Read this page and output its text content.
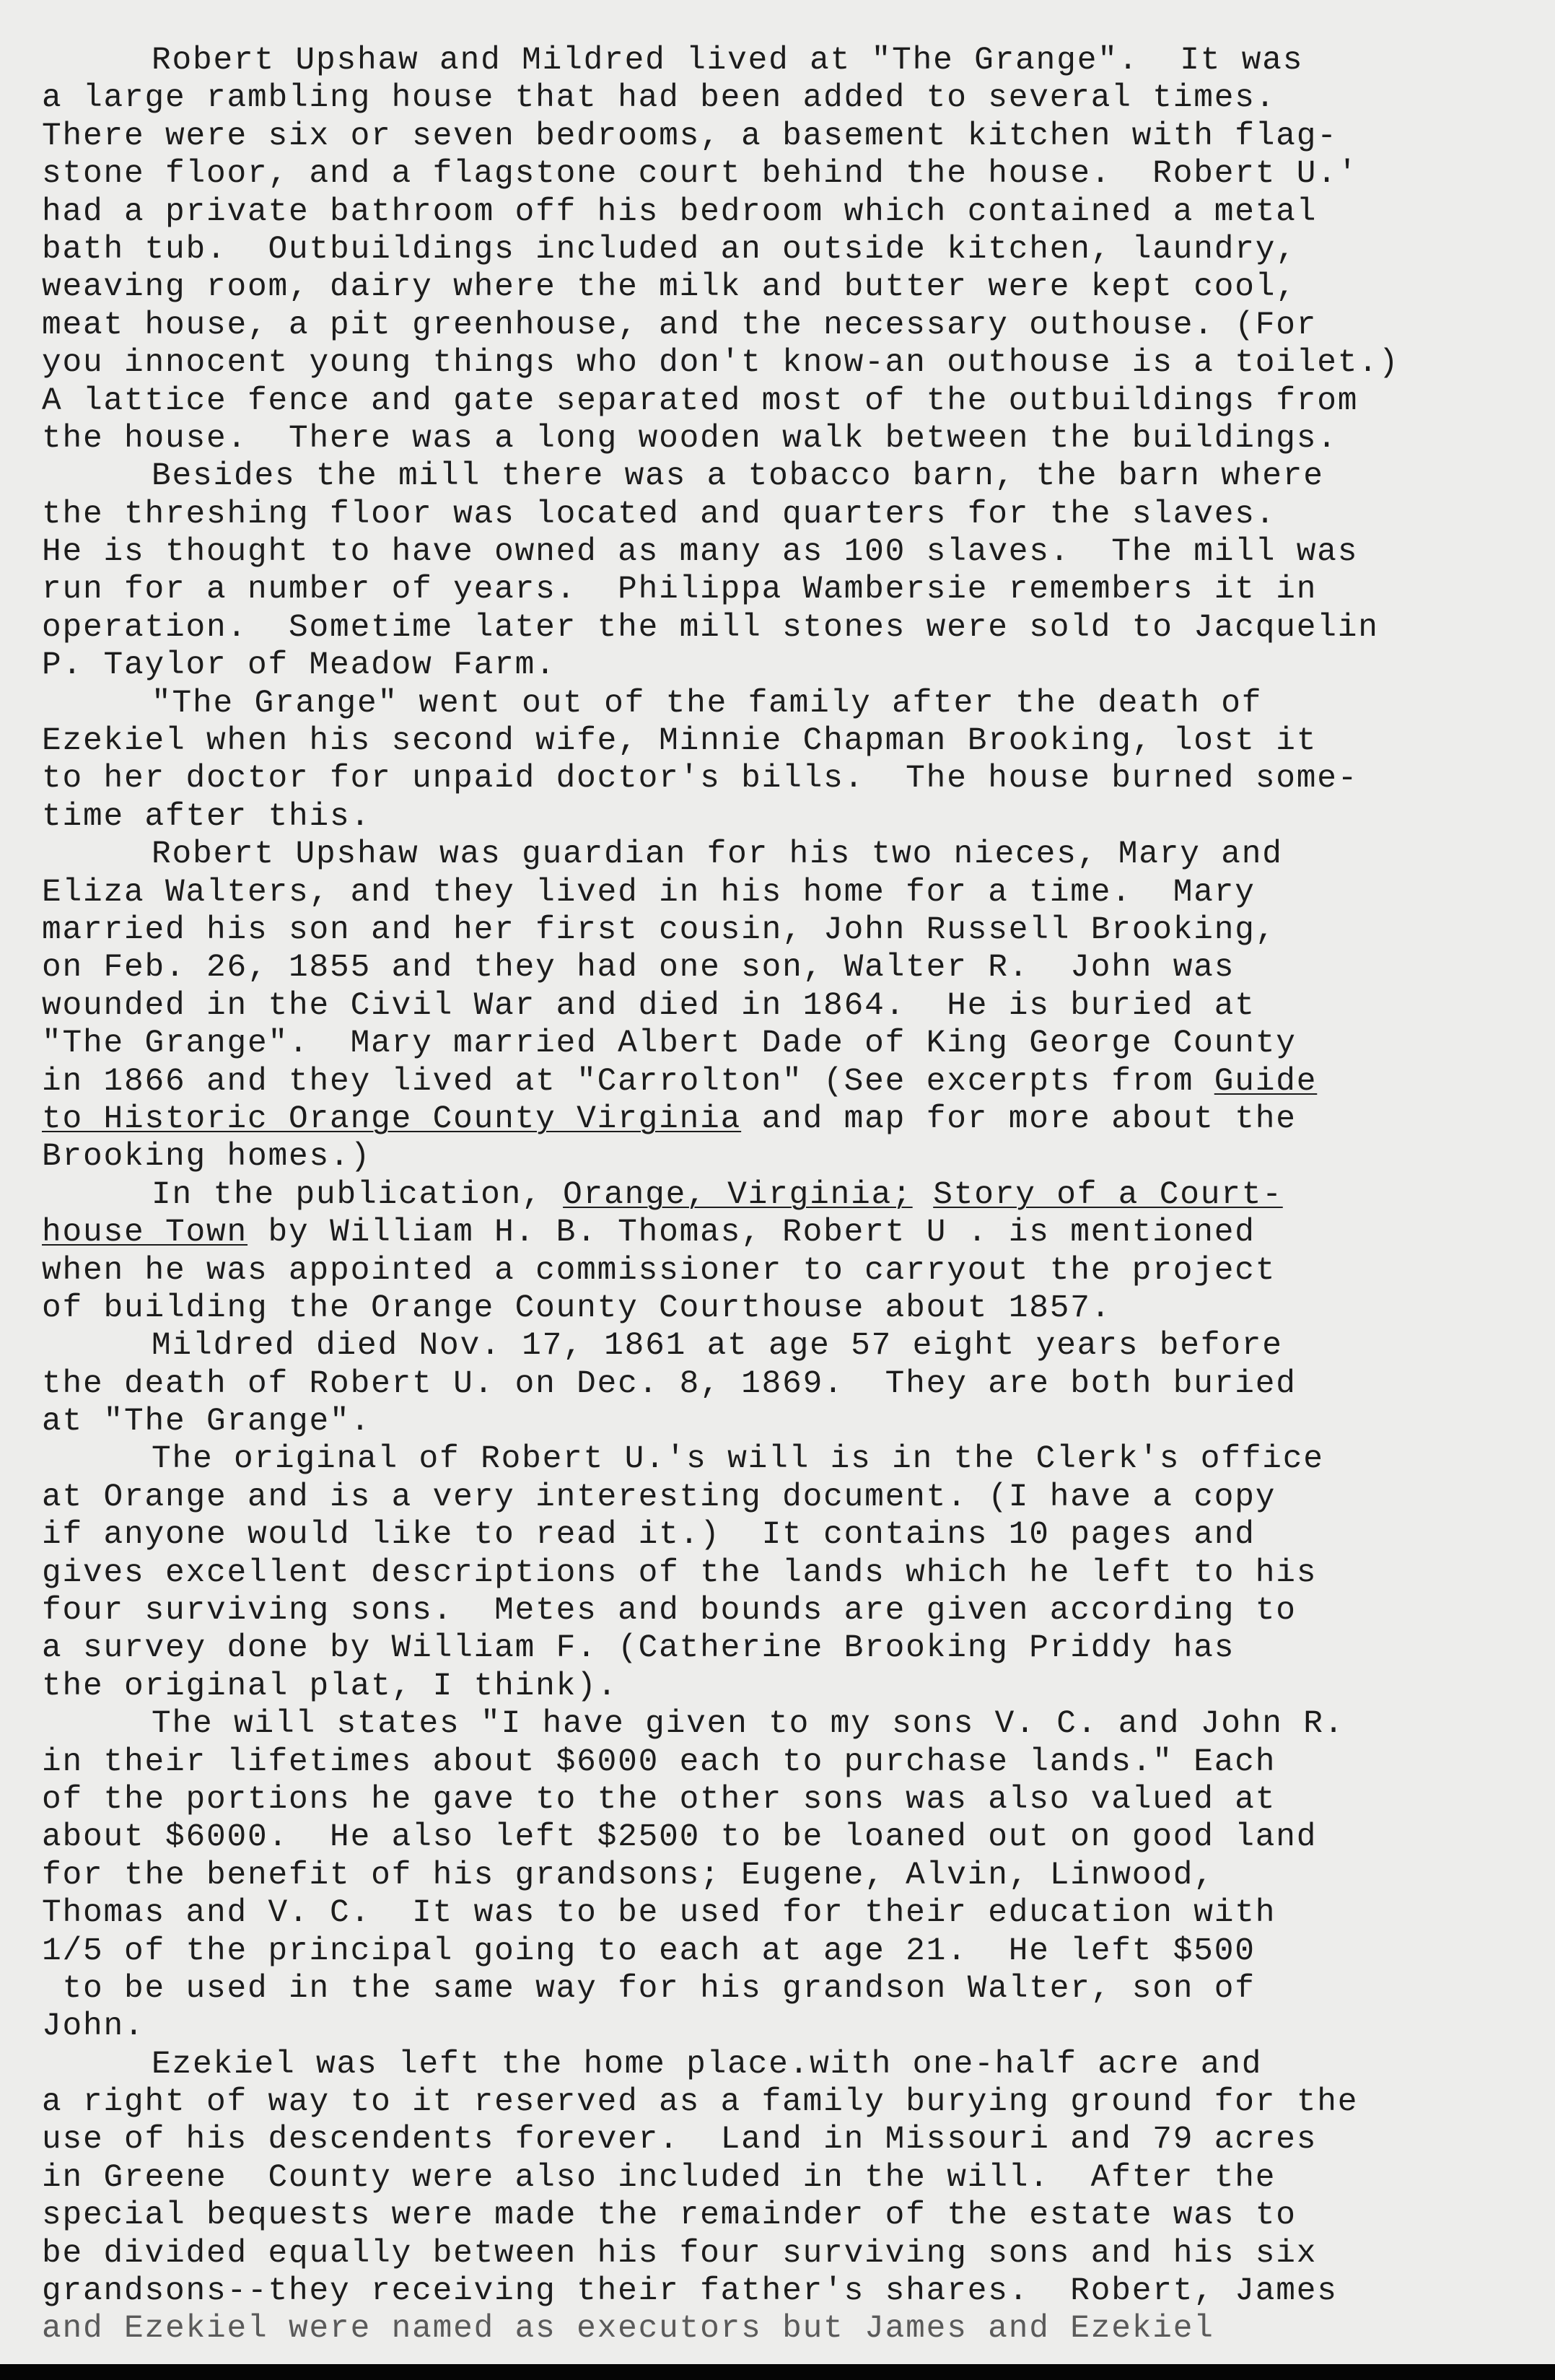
Robert Upshaw and Mildred lived at "The Grange".  It was
a large rambling house that had been added to several times.
There were six or seven bedrooms, a basement kitchen with flag-
stone floor, and a flagstone court behind the house.  Robert U.'
had a private bathroom off his bedroom which contained a metal
bath tub.  Outbuildings included an outside kitchen, laundry,
weaving room, dairy where the milk and butter were kept cool,
meat house, a pit greenhouse, and the necessary outhouse. (For
you innocent young things who don't know-an outhouse is a toilet.)
A lattice fence and gate separated most of the outbuildings from
the house.  There was a long wooden walk between the buildings.
Besides the mill there was a tobacco barn, the barn where
the threshing floor was located and quarters for the slaves.
He is thought to have owned as many as 100 slaves.  The mill was
run for a number of years.  Philippa Wambersie remembers it in
operation.  Sometime later the mill stones were sold to Jacquelin
P. Taylor of Meadow Farm.
"The Grange" went out of the family after the death of
Ezekiel when his second wife, Minnie Chapman Brooking, lost it
to her doctor for unpaid doctor's bills.  The house burned some-
time after this.
Robert Upshaw was guardian for his two nieces, Mary and
Eliza Walters, and they lived in his home for a time.  Mary
married his son and her first cousin, John Russell Brooking,
on Feb. 26, 1855 and they had one son, Walter R.  John was
wounded in the Civil War and died in 1864.  He is buried at
"The Grange".  Mary married Albert Dade of King George County
in 1866 and they lived at "Carrolton" (See excerpts from Guide
to Historic Orange County Virginia and map for more about the
Brooking homes.)
In the publication, Orange, Virginia; Story of a Court-
house Town by William H. B. Thomas, Robert U . is mentioned
when he was appointed a commissioner to carryout the project
of building the Orange County Courthouse about 1857.
Mildred died Nov. 17, 1861 at age 57 eight years before
the death of Robert U. on Dec. 8, 1869.  They are both buried
at "The Grange".
The original of Robert U.'s will is in the Clerk's office
at Orange and is a very interesting document. (I have a copy
if anyone would like to read it.)  It contains 10 pages and
gives excellent descriptions of the lands which he left to his
four surviving sons.  Metes and bounds are given according to
a survey done by William F. (Catherine Brooking Priddy has
the original plat, I think).
The will states "I have given to my sons V. C. and John R.
in their lifetimes about $6000 each to purchase lands." Each
of the portions he gave to the other sons was also valued at
about $6000.  He also left $2500 to be loaned out on good land
for the benefit of his grandsons; Eugene, Alvin, Linwood,
Thomas and V. C.  It was to be used for their education with
1/5 of the principal going to each at age 21.  He left $500
to be used in the same way for his grandson Walter, son of
John.
Ezekiel was left the home place.with one-half acre and
a right of way to it reserved as a family burying ground for the
use of his descendents forever.  Land in Missouri and 79 acres
in Greene  County were also included in the will.  After the
special bequests were made the remainder of the estate was to
be divided equally between his four surviving sons and his six
grandsons--they receiving their father's shares.  Robert, James
and Ezekiel were named as executors but James and Ezekiel
